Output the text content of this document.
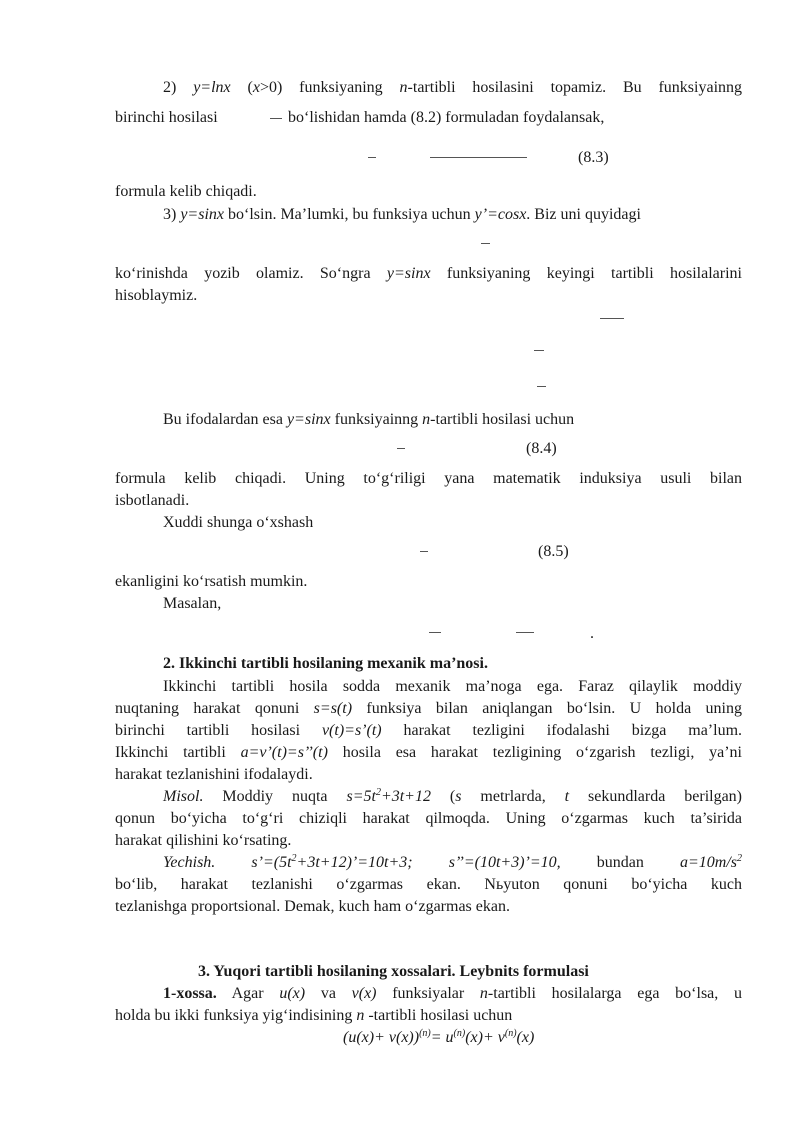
2) y=lnx (x>0) funksiyaning n-tartibli hosilasini topamiz. Bu funksiyainng
birinchi hosilasi	bo‘lishidan hamda (8.2) formuladan foydalansak,
(8.3)
formula kelib chiqadi.
3) y=sinx bo‘lsin. Ma’lumki, bu funksiya uchun y’=cosx. Biz uni quyidagi
ko‘rinishda yozib olamiz. So‘ngra y=sinx funksiyaning keyingi tartibli hosilalarini
hisoblaymiz.
Bu ifodalardan esa y=sinx funksiyainng n-tartibli hosilasi uchun
(8.4)
formula kelib chiqadi. Uning to‘g‘riligi yana matematik induksiya usuli bilan
isbotlanadi.
Xuddi shunga o‘xshash
(8.5)
ekanligini ko‘rsatish mumkin.
Masalan,
.
2. Ikkinchi tartibli hosilaning mexanik ma’nosi.
Ikkinchi tartibli hosila sodda mexanik ma’noga ega. Faraz qilaylik moddiy
nuqtaning harakat qonuni s=s(t) funksiya bilan aniqlangan bo‘lsin. U holda uning
birinchi tartibli hosilasi v(t)=s’(t) harakat tezligini ifodalashi bizga ma’lum.
Ikkinchi tartibli a=v’(t)=s’’(t) hosila esa harakat tezligining o‘zgarish tezligi, ya’ni
harakat tezlanishini ifodalaydi.
Misol. Moddiy nuqta $s=5t^2+3t+12$ (s metrlarda, t sekundlarda berilgan)
qonun bo‘yicha to‘g‘ri chiziqli harakat qilmoqda. Uning o‘zgarmas kuch ta’sirida
harakat qilishini ko‘rsating.
Yechish. $s’=(5t^2+3t+12)’=10t+3$; s’’=(10t+3)’=10, bundan $a=10m/s^2$
bo‘lib, harakat tezlanishi o‘zgarmas ekan. Nьyuton qonuni bo‘yicha kuch
tezlanishga proportsional. Demak, kuch ham o‘zgarmas ekan.
3. Yuqori tartibli hosilaning xossalari. Leybnits formulasi
1-xossa. Agar u(x) va v(x) funksiyalar n-tartibli hosilalarga ega bo‘lsa, u
holda bu ikki funksiya yig‘indisining n -tartibli hosilasi uchun
$(u(x)+ v(x))^{(n)}= u^{(n)}(x)+ v^{(n)}(x)$
